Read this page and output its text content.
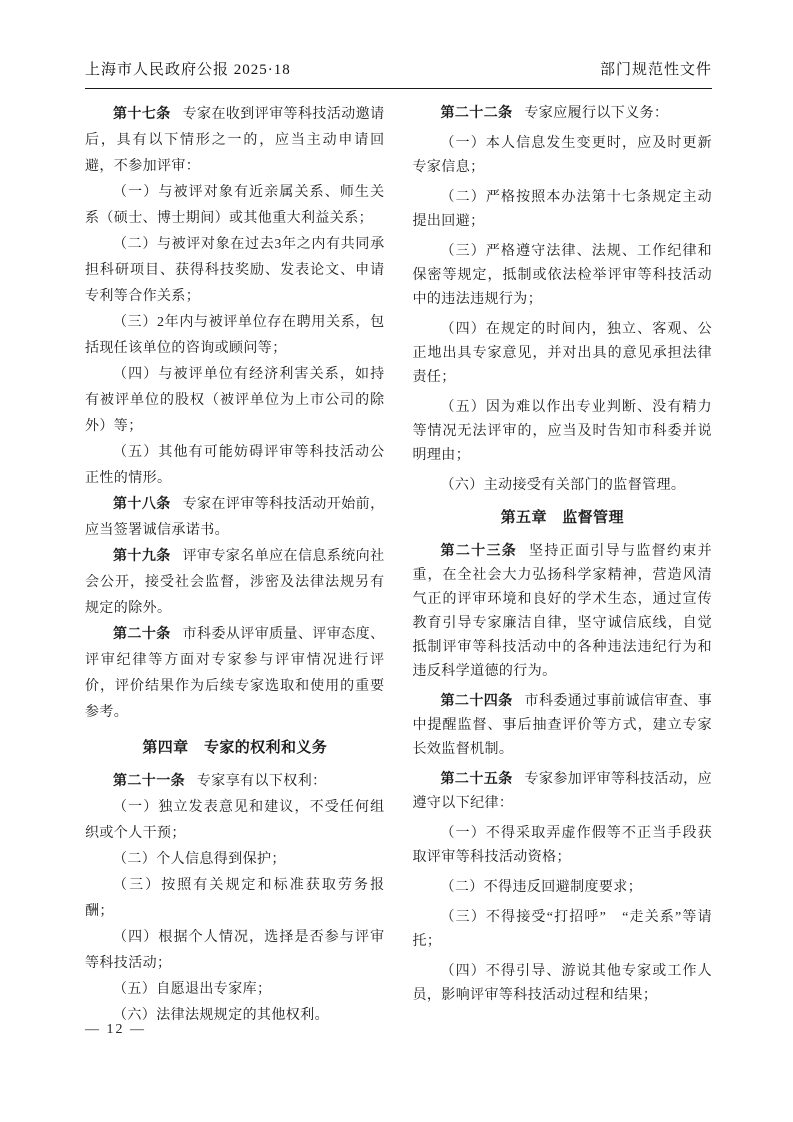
上海市人民政府公报 2025·18	部门规范性文件

第十七条 专家在收到评审等科技活动邀请后，具有以下情形之一的，应当主动申请回避，不参加评审：

（一）与被评对象有近亲属关系、师生关系（硕士、博士期间）或其他重大利益关系；

（二）与被评对象在过去3年之内有共同承担科研项目、获得科技奖励、发表论文、申请专利等合作关系；

（三）2年内与被评单位存在聘用关系，包括现任该单位的咨询或顾问等；

（四）与被评单位有经济利害关系，如持有被评单位的股权（被评单位为上市公司的除外）等；

（五）其他有可能妨碍评审等科技活动公正性的情形。

第十八条 专家在评审等科技活动开始前，应当签署诚信承诺书。

第十九条 评审专家名单应在信息系统向社会公开，接受社会监督，涉密及法律法规另有规定的除外。

第二十条 市科委从评审质量、评审态度、评审纪律等方面对专家参与评审情况进行评价，评价结果作为后续专家选取和使用的重要参考。

第四章　专家的权利和义务

第二十一条 专家享有以下权利：

（一）独立发表意见和建议，不受任何组织或个人干预；

（二）个人信息得到保护；

（三）按照有关规定和标准获取劳务报酬；

（四）根据个人情况，选择是否参与评审等科技活动；

（五）自愿退出专家库；

（六）法律法规规定的其他权利。

第二十二条 专家应履行以下义务：

（一）本人信息发生变更时，应及时更新专家信息；

（二）严格按照本办法第十七条规定主动提出回避；

（三）严格遵守法律、法规、工作纪律和保密等规定，抵制或依法检举评审等科技活动中的违法违规行为；

（四）在规定的时间内，独立、客观、公正地出具专家意见，并对出具的意见承担法律责任；

（五）因为难以作出专业判断、没有精力等情况无法评审的，应当及时告知市科委并说明理由；

（六）主动接受有关部门的监督管理。

第五章　监督管理

第二十三条 坚持正面引导与监督约束并重，在全社会大力弘扬科学家精神，营造风清气正的评审环境和良好的学术生态，通过宣传教育引导专家廉洁自律，坚守诚信底线，自觉抵制评审等科技活动中的各种违法违纪行为和违反科学道德的行为。

第二十四条 市科委通过事前诚信审查、事中提醒监督、事后抽查评价等方式，建立专家长效监督机制。

第二十五条 专家参加评审等科技活动，应遵守以下纪律：

（一）不得采取弄虚作假等不正当手段获取评审等科技活动资格；

（二）不得违反回避制度要求；

（三）不得接受“打招呼”　“走关系”等请托；

（四）不得引导、游说其他专家或工作人员，影响评审等科技活动过程和结果；

— 12 —
